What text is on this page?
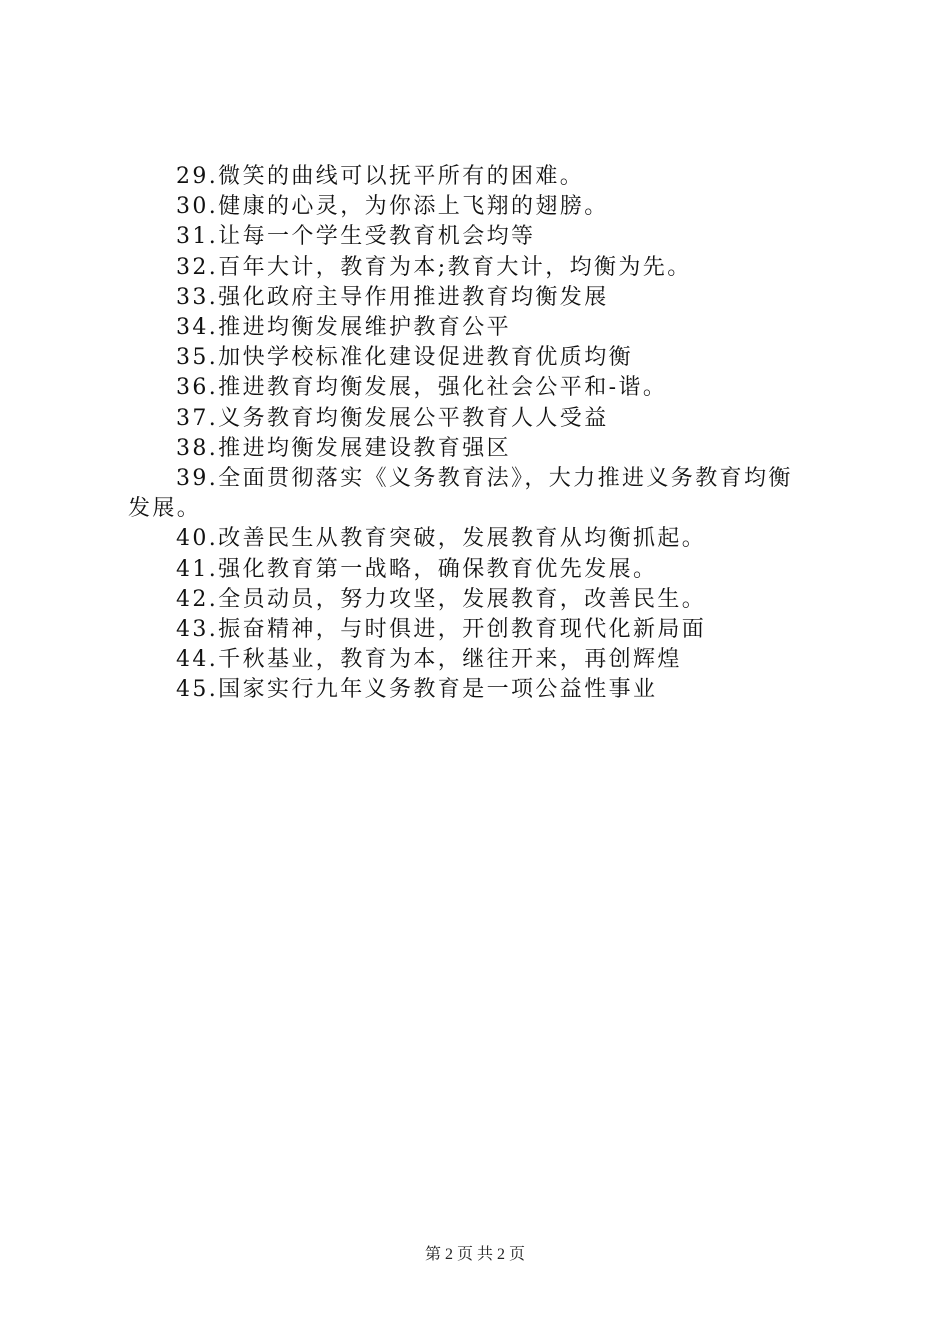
29.微笑的曲线可以抚平所有的困难。

30.健康的心灵，为你添上飞翔的翅膀。

31.让每一个学生受教育机会均等

32.百年大计，教育为本;教育大计，均衡为先。

33.强化政府主导作用推进教育均衡发展

34.推进均衡发展维护教育公平

35.加快学校标准化建设促进教育优质均衡

36.推进教育均衡发展，强化社会公平和-谐。

37.义务教育均衡发展公平教育人人受益

38.推进均衡发展建设教育强区

39.全面贯彻落实《义务教育法》，大力推进义务教育均衡

发展。

40.改善民生从教育突破，发展教育从均衡抓起。

41.强化教育第一战略，确保教育优先发展。

42.全员动员，努力攻坚，发展教育，改善民生。

43.振奋精神，与时俱进，开创教育现代化新局面

44.千秋基业，教育为本，继往开来，再创辉煌

45.国家实行九年义务教育是一项公益性事业

第 2 页 共 2 页
